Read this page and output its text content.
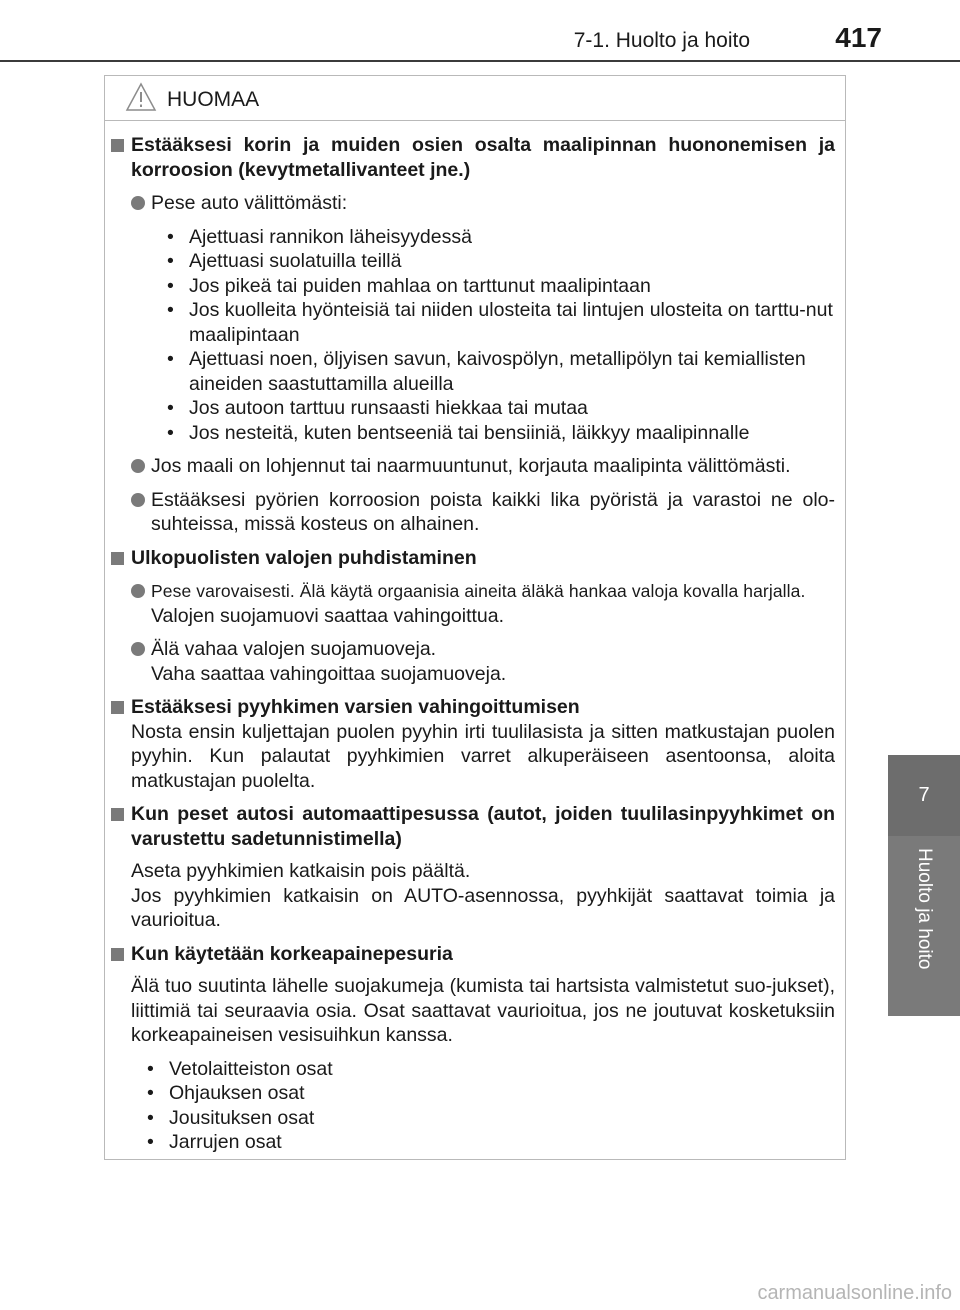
7-1. Huolto ja hoito	417
7
Huolto ja hoito
HUOMAA
Estääksesi korin ja muiden osien osalta maalipinnan huononemisen ja korroosion (kevytmetallivanteet jne.)
Pese auto välittömästi:
• Ajettuasi rannikon läheisyydessä
• Ajettuasi suolatuilla teillä
• Jos pikeä tai puiden mahlaa on tarttunut maalipintaan
• Jos kuolleita hyönteisiä tai niiden ulosteita tai lintujen ulosteita on tarttu-nut maalipintaan
• Ajettuasi noen, öljyisen savun, kaivospölyn, metallipölyn tai kemiallisten aineiden saastuttamilla alueilla
• Jos autoon tarttuu runsaasti hiekkaa tai mutaa
• Jos nesteitä, kuten bentseeniä tai bensiiniä, läikkyy maalipinnalle
Jos maali on lohjennut tai naarmuuntunut, korjauta maalipinta välittömästi.
Estääksesi pyörien korroosion poista kaikki lika pyöristä ja varastoi ne olo-suhteissa, missä kosteus on alhainen.
Ulkopuolisten valojen puhdistaminen
Pese varovaisesti. Älä käytä orgaanisia aineita äläkä hankaa valoja kovalla harjalla.
Valojen suojamuovi saattaa vahingoittua.
Älä vahaa valojen suojamuoveja.
Vaha saattaa vahingoittaa suojamuoveja.
Estääksesi pyyhkimen varsien vahingoittumisen
Nosta ensin kuljettajan puolen pyyhin irti tuulilasista ja sitten matkustajan puolen pyyhin. Kun palautat pyyhkimien varret alkuperäiseen asentoonsa, aloita matkustajan puolelta.
Kun peset autosi automaattipesussa (autot, joiden tuulilasinpyyhkimet on varustettu sadetunnistimella)
Aseta pyyhkimien katkaisin pois päältä.
Jos pyyhkimien katkaisin on AUTO-asennossa, pyyhkijät saattavat toimia ja vaurioitua.
Kun käytetään korkeapainepesuria
Älä tuo suutinta lähelle suojakumeja (kumista tai hartsista valmistetut suo-jukset), liittimiä tai seuraavia osia. Osat saattavat vaurioitua, jos ne joutuvat kosketuksiin korkeapaineisen vesisuihkun kanssa.
• Vetolaitteiston osat
• Ohjauksen osat
• Jousituksen osat
• Jarrujen osat
carmanualsonline.info
